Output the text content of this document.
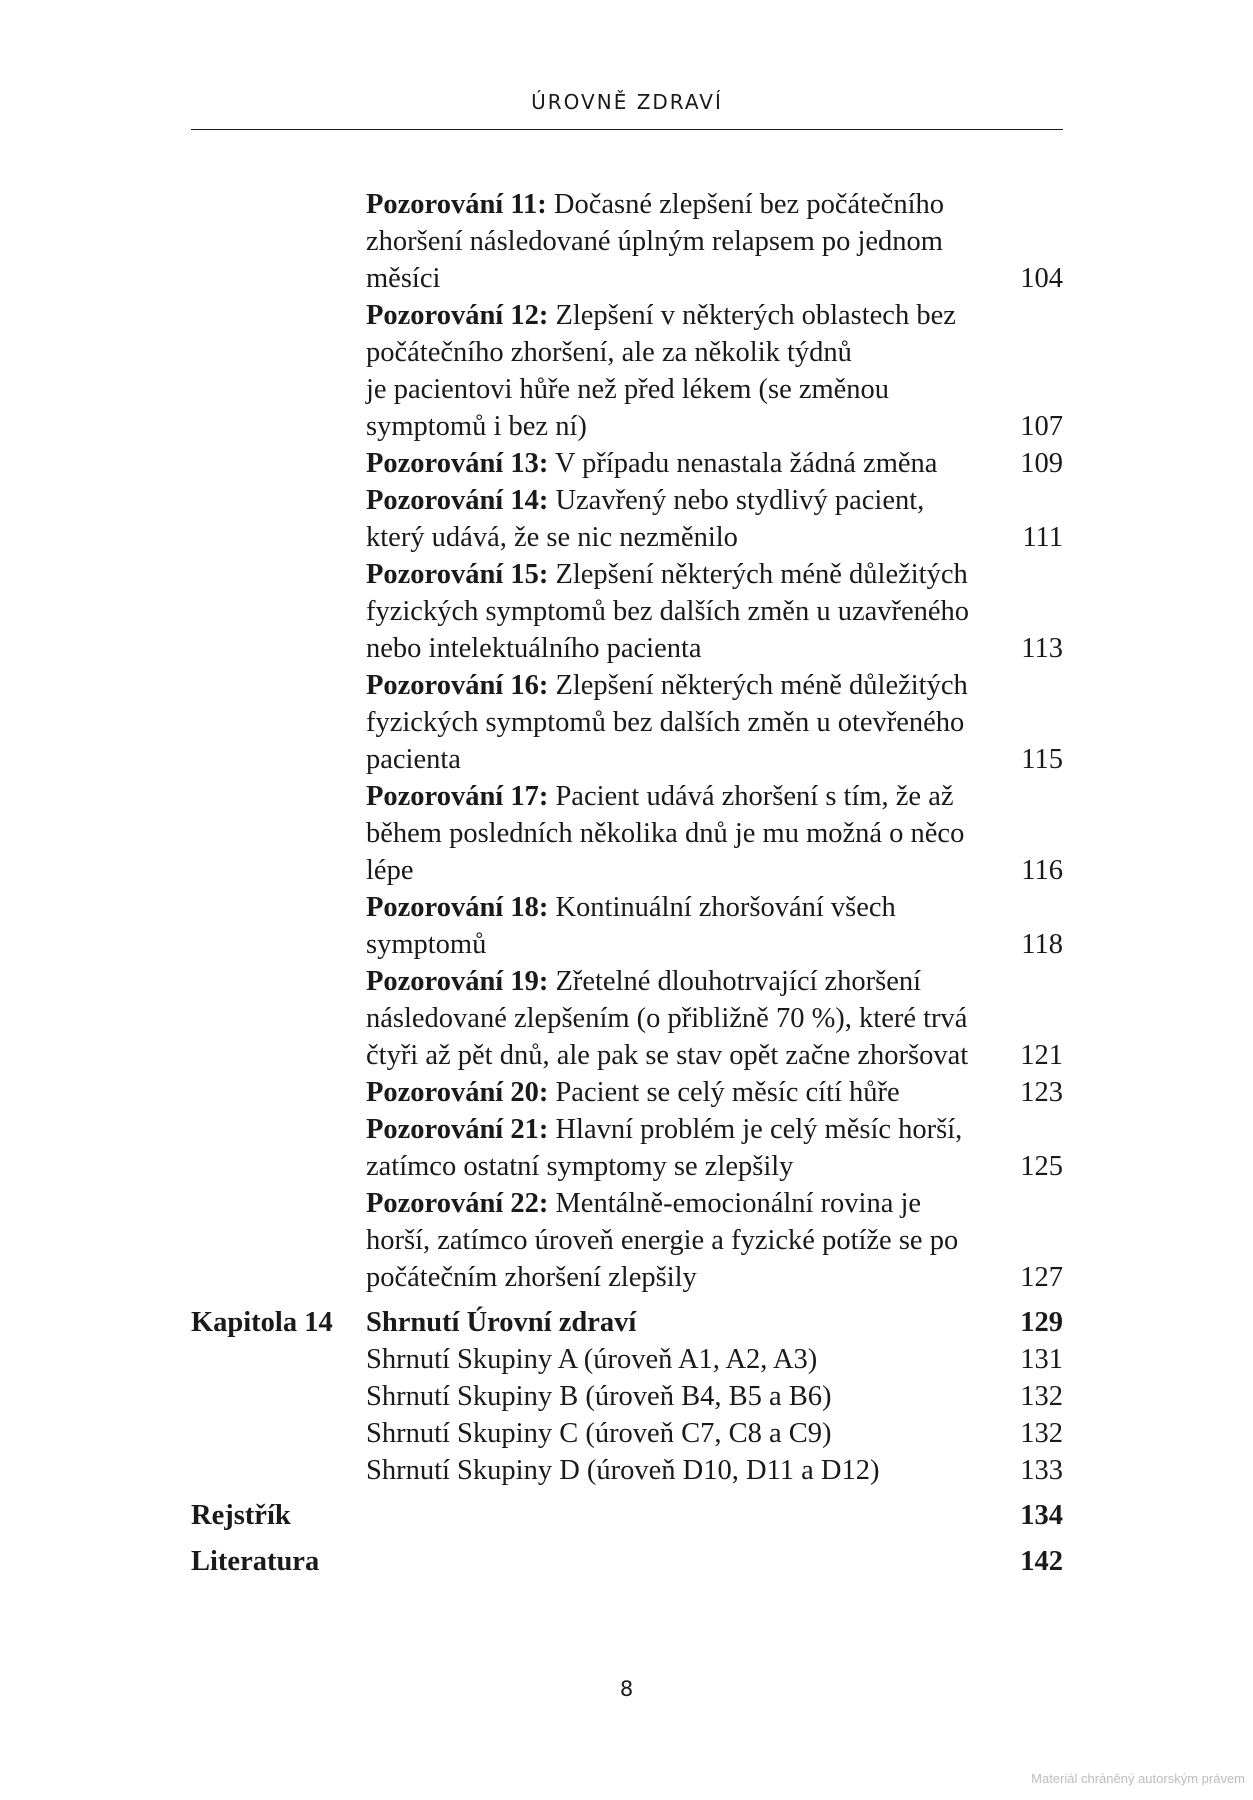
ÚROVNĚ ZDRAVÍ
Pozorování 11: Dočasné zlepšení bez počátečního
zhoršení následované úplným relapsem po jednom
měsíci	104
Pozorování 12: Zlepšení v některých oblastech bez
počátečního zhoršení, ale za několik týdnů
je pacientovi hůře než před lékem (se změnou
symptomů i bez ní)	107
Pozorování 13: V případu nenastala žádná změna	109
Pozorování 14: Uzavřený nebo stydlivý pacient,
který udává, že se nic nezměnilo	111
Pozorování 15: Zlepšení některých méně důležitých
fyzických symptomů bez dalších změn u uzavřeného
nebo intelektuálního pacienta	113
Pozorování 16: Zlepšení některých méně důležitých
fyzických symptomů bez dalších změn u otevřeného
pacienta	115
Pozorování 17: Pacient udává zhoršení s tím, že až
během posledních několika dnů je mu možná o něco
lépe	116
Pozorování 18: Kontinuální zhoršování všech
symptomů	118
Pozorování 19: Zřetelné dlouhotrvající zhoršení
následované zlepšením (o přibližně 70 %), které trvá
čtyři až pět dnů, ale pak se stav opět začne zhoršovat	121
Pozorování 20: Pacient se celý měsíc cítí hůře	123
Pozorování 21: Hlavní problém je celý měsíc horší,
zatímco ostatní symptomy se zlepšily	125
Pozorování 22: Mentálně-emocionální rovina je
horší, zatímco úroveň energie a fyzické potíže se po
počátečním zhoršení zlepšily	127
Kapitola 14 Shrnutí Úrovní zdraví	129
Shrnutí Skupiny A (úroveň A1, A2, A3)	131
Shrnutí Skupiny B (úroveň B4, B5 a B6)	132
Shrnutí Skupiny C (úroveň C7, C8 a C9)	132
Shrnutí Skupiny D (úroveň D10, D11 a D12)	133
Rejstřík	134
Literatura	142
8
Materiál chráněný autorským právem
